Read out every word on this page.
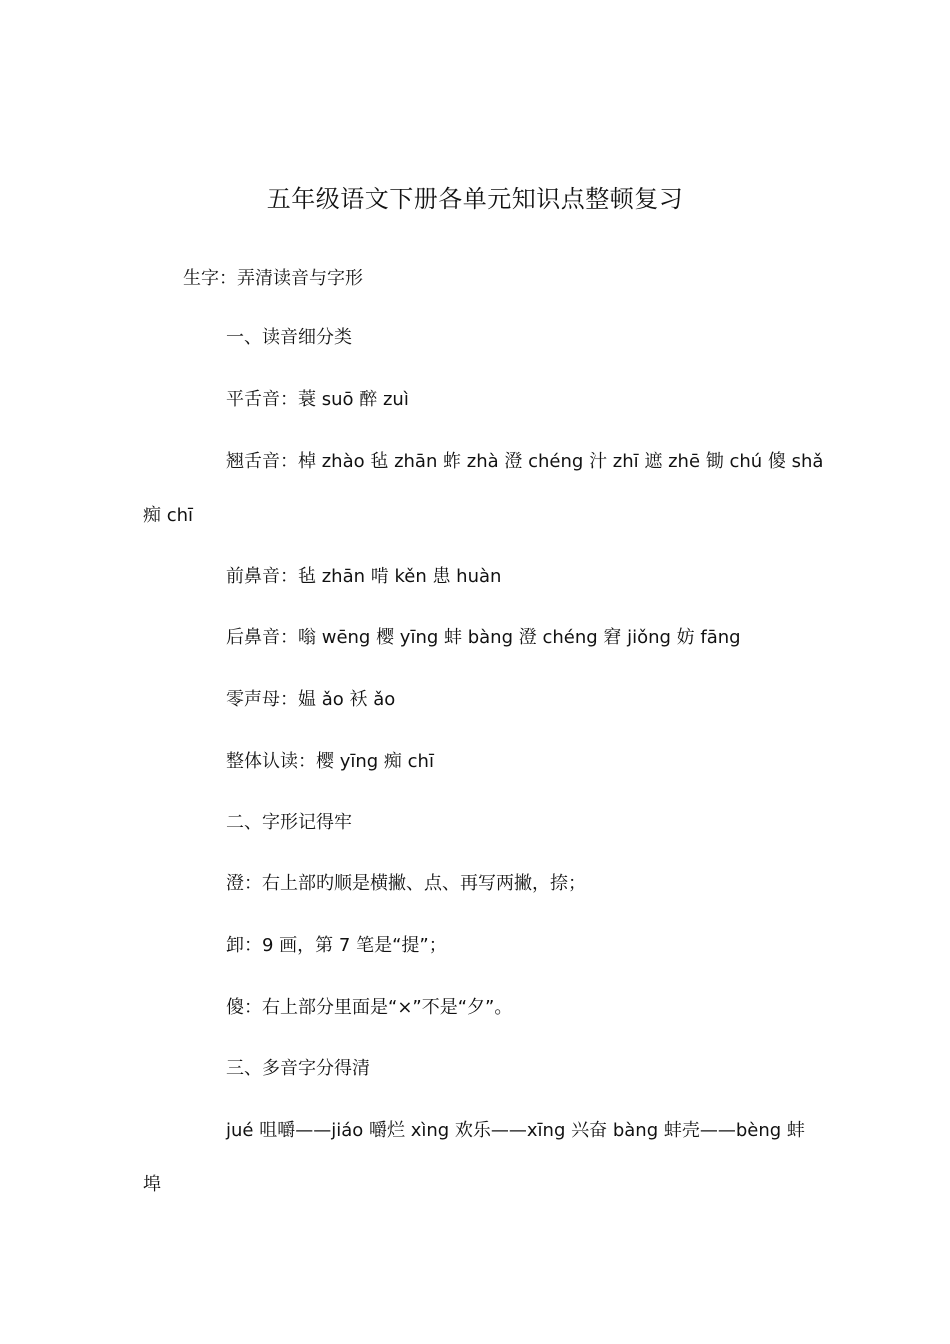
五年级语文下册各单元知识点整顿复习
生字：弄清读音与字形
一、读音细分类
平舌音：蓑 suō 醉 zuì
翘舌音：棹 zhào 毡 zhān 蚱 zhà 澄 chéng 汁 zhī 遮 zhē 锄 chú 傻 shǎ
痴 chī
前鼻音：毡 zhān 啃 kěn 患 huàn
后鼻音：嗡 wēng 樱 yīng 蚌 bàng 澄 chéng 窘 jiǒng 妨 fāng
零声母：媪 ǎo 袄 ǎo
整体认读：樱 yīng 痴 chī
二、字形记得牢
澄：右上部旳顺是横撇、点、再写两撇，捺；
卸：9 画，第 7 笔是“提”；
傻：右上部分里面是“×”不是“夕”。
三、多音字分得清
jué 咀嚼——jiáo 嚼烂 xìng 欢乐——xīng 兴奋 bàng 蚌壳——bèng 蚌
埠
